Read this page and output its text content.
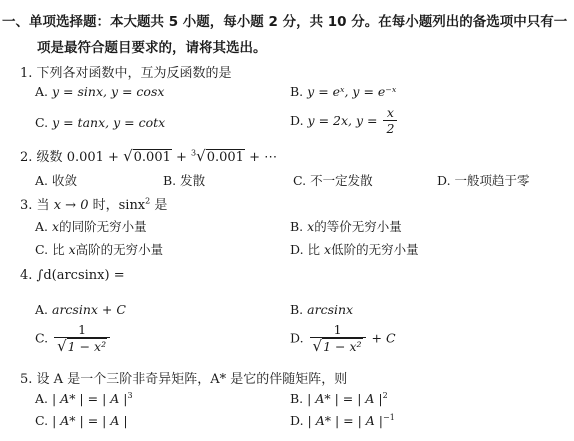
一、单项选择题：本大题共 5 小题，每小题 2 分，共 10 分。在每小题列出的备选项中只有一
项是最符合题目要求的，请将其选出。
1. 下列各对函数中，互为反函数的是
A. y = sinx, y = cosx	B. y = eˣ, y = e⁻ˣ
C. y = tanx, y = cotx	D. y = 2x, $y = \frac{x}{2}$
2. 级数 0.001 + √0.001 + $^3$√0.001 + ⋯
A. 收敛	B. 发散	C. 不一定发散	D. 一般项趋于零
3. 当 x → 0 时，sinx$^2$ 是
A. x的同阶无穷小量	B. x的等价无穷小量
C. 比 x高阶的无穷小量	D. 比 x低阶的无穷小量
4. ∫d(arcsinx) =
A. arcsinx + C	B. arcsinx
C. $\frac{1}{\text{√1 − x²}}$	D. $\frac{1}{\text{√1 − x²}} + C$
5. 设 A 是一个三阶非奇异矩阵，A* 是它的伴随矩阵，则
A. | A* | = | A $|^3$	B. | A* | = | A $|^2$
C. | A* | = | A |	D. | A* | = | A $|^{-1}$
